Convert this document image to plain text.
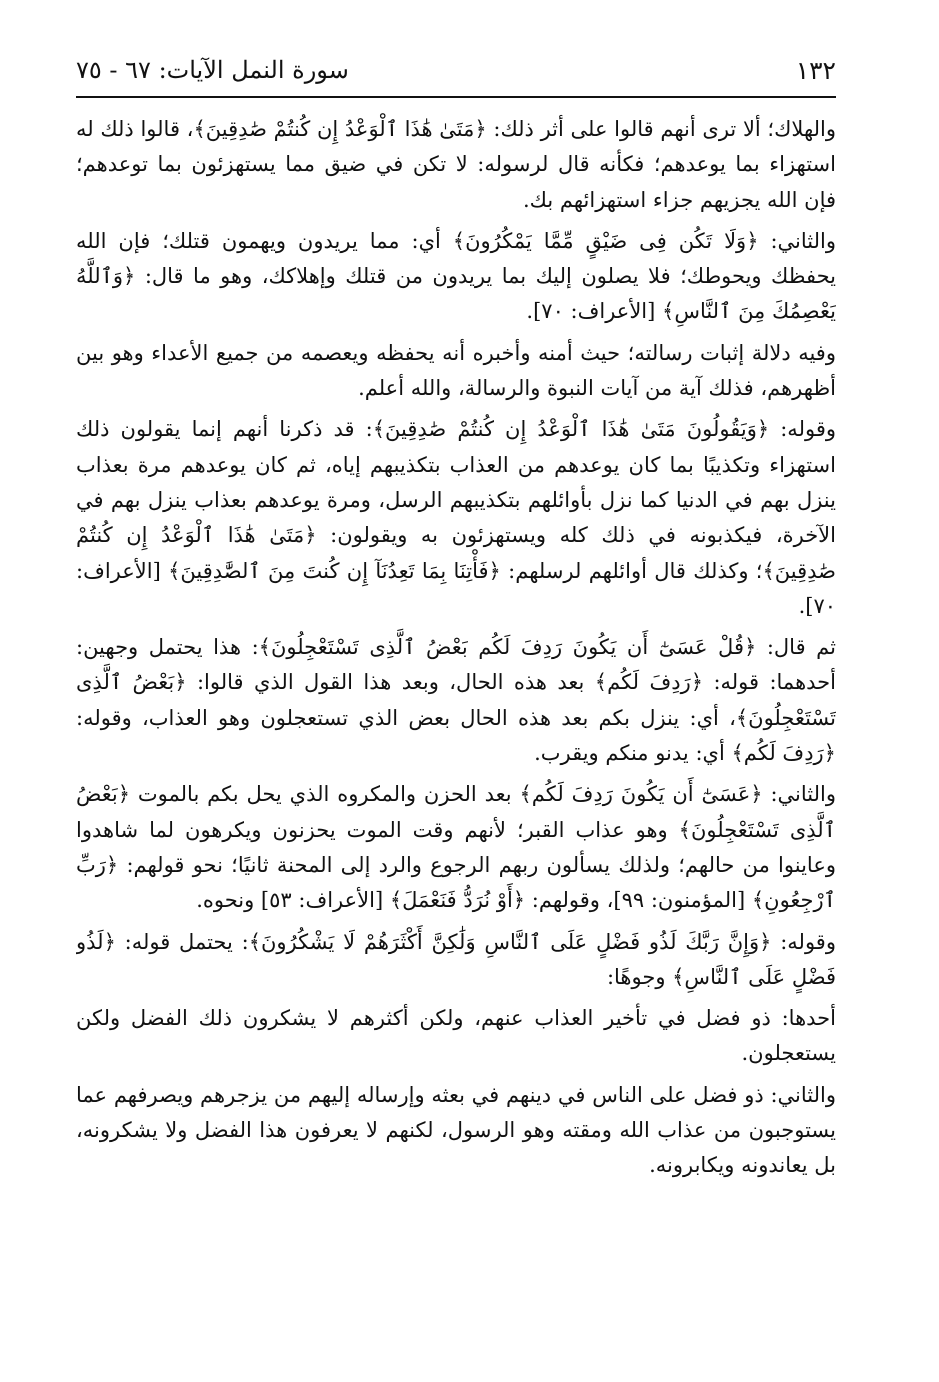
١٣٢
سورة النمل الآيات: ٦٧ - ٧٥

والهلاك؛ ألا ترى أنهم قالوا على أثر ذلك: ﴿مَتَىٰ هَٰذَا ٱلْوَعْدُ إِن كُنتُمْ صَٰدِقِينَ﴾، قالوا ذلك له استهزاء بما يوعدهم؛ فكأنه قال لرسوله: لا تكن في ضيق مما يستهزئون بما توعدهم؛ فإن الله يجزيهم جزاء استهزائهم بك.

والثاني: ﴿وَلَا تَكُن فِى ضَيْقٍ مِّمَّا يَمْكُرُونَ﴾ أي: مما يريدون ويهمون قتلك؛ فإن الله يحفظك ويحوطك؛ فلا يصلون إليك بما يريدون من قتلك وإهلاكك، وهو ما قال: ﴿وَٱللَّهُ يَعْصِمُكَ مِنَ ٱلنَّاسِ﴾ [الأعراف: ٧٠].

وفيه دلالة إثبات رسالته؛ حيث أمنه وأخبره أنه يحفظه ويعصمه من جميع الأعداء وهو بين أظهرهم، فذلك آية من آيات النبوة والرسالة، والله أعلم.

وقوله: ﴿وَيَقُولُونَ مَتَىٰ هَٰذَا ٱلْوَعْدُ إِن كُنتُمْ صَٰدِقِينَ﴾: قد ذكرنا أنهم إنما يقولون ذلك استهزاء وتكذيبًا بما كان يوعدهم من العذاب بتكذيبهم إياه، ثم كان يوعدهم مرة بعذاب ينزل بهم في الدنيا كما نزل بأوائلهم بتكذيبهم الرسل، ومرة يوعدهم بعذاب ينزل بهم في الآخرة، فيكذبونه في ذلك كله ويستهزئون به ويقولون: ﴿مَتَىٰ هَٰذَا ٱلْوَعْدُ إِن كُنتُمْ صَٰدِقِينَ﴾؛ وكذلك قال أوائلهم لرسلهم: ﴿فَأْتِنَا بِمَا تَعِدُنَآ إِن كُنتَ مِنَ ٱلصَّٰدِقِينَ﴾ [الأعراف: ٧٠].

ثم قال: ﴿قُلْ عَسَىٰٓ أَن يَكُونَ رَدِفَ لَكُم بَعْضُ ٱلَّذِى تَسْتَعْجِلُونَ﴾: هذا يحتمل وجهين: أحدهما: قوله: ﴿رَدِفَ لَكُم﴾ بعد هذه الحال، وبعد هذا القول الذي قالوا: ﴿بَعْضُ ٱلَّذِى تَسْتَعْجِلُونَ﴾، أي: ينزل بكم بعد هذه الحال بعض الذي تستعجلون وهو العذاب، وقوله: ﴿رَدِفَ لَكُم﴾ أي: يدنو منكم ويقرب.

والثاني: ﴿عَسَىٰٓ أَن يَكُونَ رَدِفَ لَكُم﴾ بعد الحزن والمكروه الذي يحل بكم بالموت ﴿بَعْضُ ٱلَّذِى تَسْتَعْجِلُونَ﴾ وهو عذاب القبر؛ لأنهم وقت الموت يحزنون ويكرهون لما شاهدوا وعاينوا من حالهم؛ ولذلك يسألون ربهم الرجوع والرد إلى المحنة ثانيًا؛ نحو قولهم: ﴿رَبِّ ٱرْجِعُونِ﴾ [المؤمنون: ٩٩]، وقولهم: ﴿أَوْ نُرَدُّ فَنَعْمَلَ﴾ [الأعراف: ٥٣] ونحوه.

وقوله: ﴿وَإِنَّ رَبَّكَ لَذُو فَضْلٍ عَلَى ٱلنَّاسِ وَلَٰكِنَّ أَكْثَرَهُمْ لَا يَشْكُرُونَ﴾: يحتمل قوله: ﴿لَذُو فَضْلٍ عَلَى ٱلنَّاسِ﴾ وجوهًا:

أحدها: ذو فضل في تأخير العذاب عنهم، ولكن أكثرهم لا يشكرون ذلك الفضل ولكن يستعجلون.

والثاني: ذو فضل على الناس في دينهم في بعثه وإرساله إليهم من يزجرهم ويصرفهم عما يستوجبون من عذاب الله ومقته وهو الرسول، لكنهم لا يعرفون هذا الفضل ولا يشكرونه، بل يعاندونه ويكابرونه.
